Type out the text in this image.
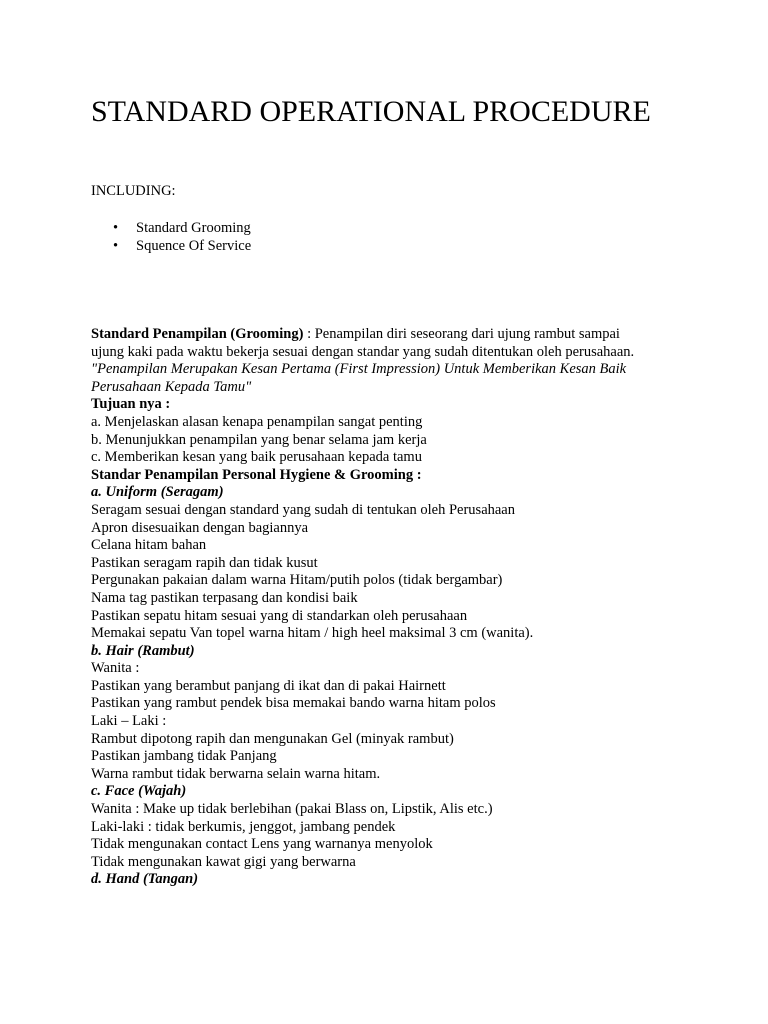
STANDARD OPERATIONAL PROCEDURE

INCLUDING:

• Standard Grooming
• Squence Of Service
Standard Penampilan (Grooming) : Penampilan diri seseorang dari ujung rambut sampai
ujung kaki pada waktu bekerja sesuai dengan standar yang sudah ditentukan oleh perusahaan.
"Penampilan Merupakan Kesan Pertama (First Impression) Untuk Memberikan Kesan Baik
Perusahaan Kepada Tamu"
Tujuan nya :
a. Menjelaskan alasan kenapa penampilan sangat penting
b. Menunjukkan penampilan yang benar selama jam kerja
c. Memberikan kesan yang baik perusahaan kepada tamu
Standar Penampilan Personal Hygiene & Grooming :
a. Uniform (Seragam)
Seragam sesuai dengan standard yang sudah di tentukan oleh Perusahaan
Apron disesuaikan dengan bagiannya
Celana hitam bahan
Pastikan seragam rapih dan tidak kusut
Pergunakan pakaian dalam warna Hitam/putih polos (tidak bergambar)
Nama tag pastikan terpasang dan kondisi baik
Pastikan sepatu hitam sesuai yang di standarkan oleh perusahaan
Memakai sepatu Van topel warna hitam / high heel maksimal 3 cm (wanita).
b. Hair (Rambut)
Wanita :
Pastikan yang berambut panjang di ikat dan di pakai Hairnett
Pastikan yang rambut pendek bisa memakai bando warna hitam polos
Laki – Laki :
Rambut dipotong rapih dan mengunakan Gel (minyak rambut)
Pastikan jambang tidak Panjang
Warna rambut tidak berwarna selain warna hitam.
c. Face (Wajah)
Wanita : Make up tidak berlebihan (pakai Blass on, Lipstik, Alis etc.)
Laki-laki : tidak berkumis, jenggot, jambang pendek
Tidak mengunakan contact Lens yang warnanya menyolok
Tidak mengunakan kawat gigi yang berwarna
d. Hand (Tangan)
